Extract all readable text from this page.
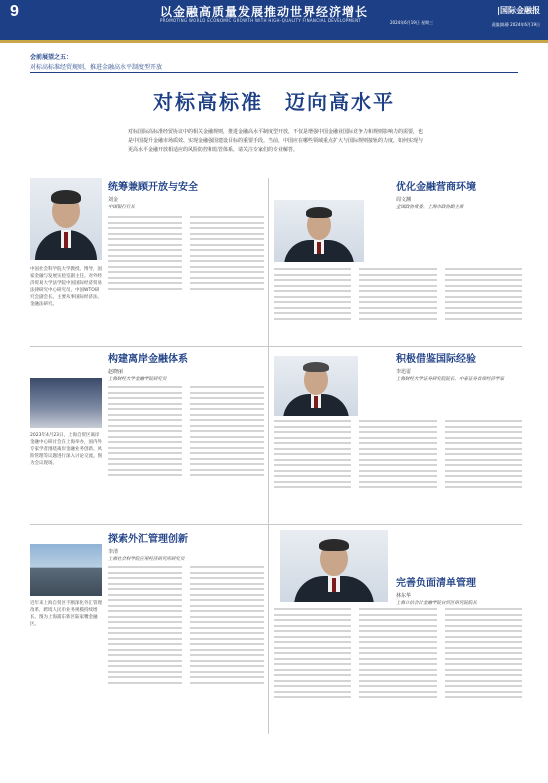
9	以金融高质量发展推动世界经济增长
PROMOTING WORLD ECONOMIC GROWTH WITH HIGH-QUALITY FINANCIAL DEVELOPMENT	2024年6月19日 星期三
|国际金融报
责编|陈静 2024年6月19日
会前展望之五：
对标高标准经贸规则，推进金融高水平制度型开放
对标高标准　迈向高水平
对标国际高标准经贸协议中的相关金融规则，推进金融高水平制度型开放，不仅是增强中国金融业国际竞争力和规则影响力的需要，也是中国提升金融市场质效、实现金融强国建设目标的重要手段。当前，中国应在哪些领域重点扩大与国际规则接轨的力度，如何实现与更高水平金融开放相适应的风险防控和监管体系，请关注专家们的专业解答。
中国社会科学院大学教授、博导，国家金融与发展实验室副主任。对外经济贸易大学法学院中国国际经济贸易法律研究中心研究员，中国WTO研究会副会长。主要从事国际经济法、金融法研究。
统筹兼顾开放与安全
刘金
中国银行行长
优化金融营商环境
周文渊
全国政协常委、上海市政协副主席
构建离岸金融体系
赵晓丽
上海财经大学金融学院研究员
2023年4月23日，上海自贸区离岸金融中心研讨会在上海举办，国内外专家学者围绕离岸金融业务创新、风险管理等议题进行深入讨论交流。图为会议现场。
积极借鉴国际经验
李迅雷
上海财经大学证券研究院院长、中泰证券首席经济学家
探索外汇管理创新
李清
上海社会科学院应用经济研究所研究员
近年来上海自贸区不断深化外汇管理改革，跨境人民币业务规模持续增长。图为上海浦东新区陆家嘴金融区。
完善负面清单管理
林东华
上海立信会计金融学院自贸区研究院院长
